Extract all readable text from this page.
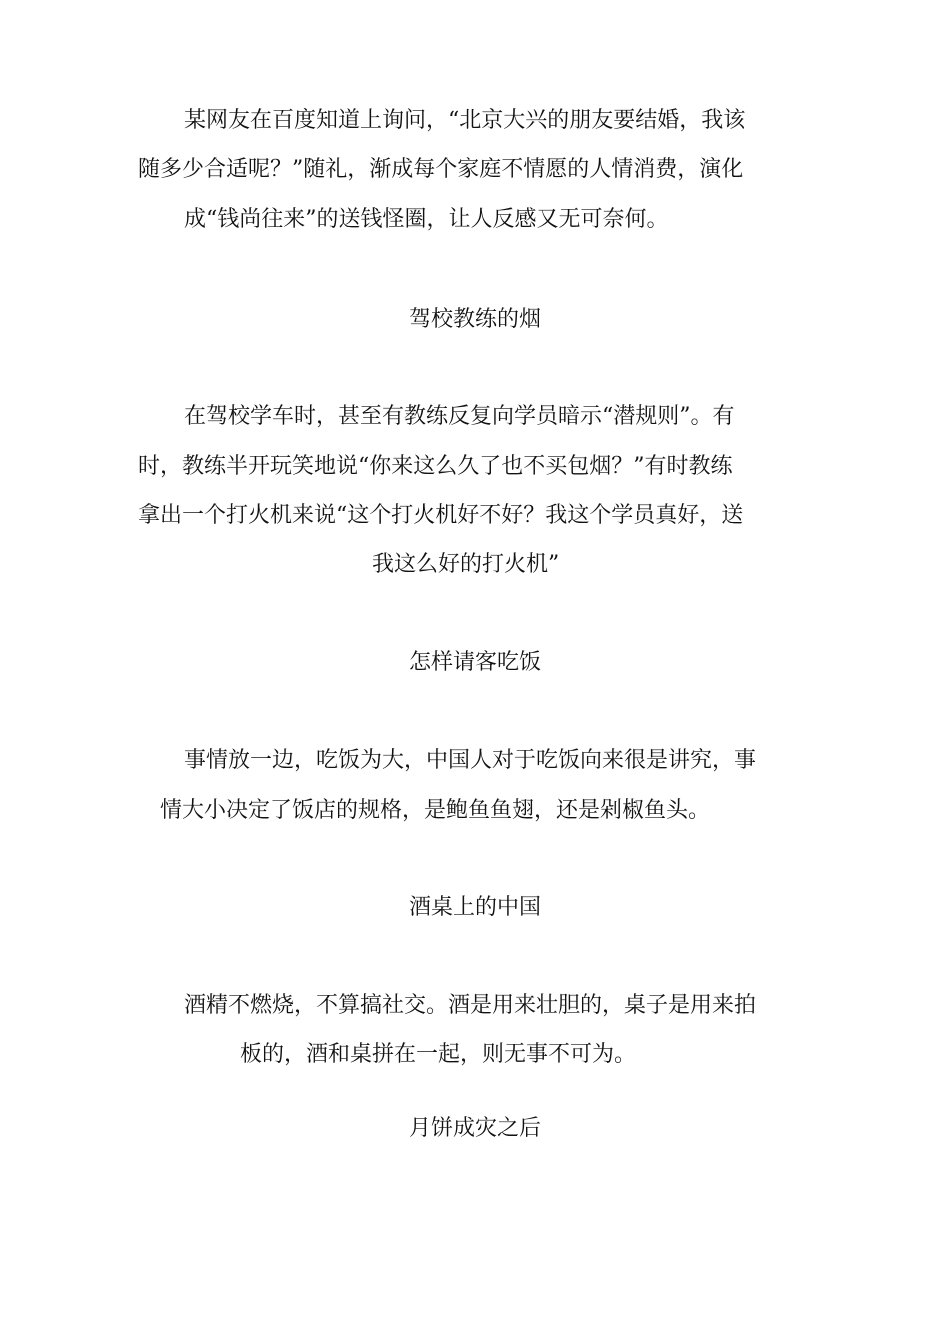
某网友在百度知道上询问，“北京大兴的朋友要结婚，我该
随多少合适呢？”随礼，渐成每个家庭不情愿的人情消费，演化
成“钱尚往来”的送钱怪圈，让人反感又无可奈何。
驾校教练的烟
在驾校学车时，甚至有教练反复向学员暗示“潜规则”。有
时，教练半开玩笑地说“你来这么久了也不买包烟？”有时教练
拿出一个打火机来说“这个打火机好不好？我这个学员真好，送
我这么好的打火机”
怎样请客吃饭
事情放一边，吃饭为大，中国人对于吃饭向来很是讲究，事
情大小决定了饭店的规格，是鲍鱼鱼翅，还是剁椒鱼头。
酒桌上的中国
酒精不燃烧，不算搞社交。酒是用来壮胆的，桌子是用来拍
板的，酒和桌拼在一起，则无事不可为。
月饼成灾之后
